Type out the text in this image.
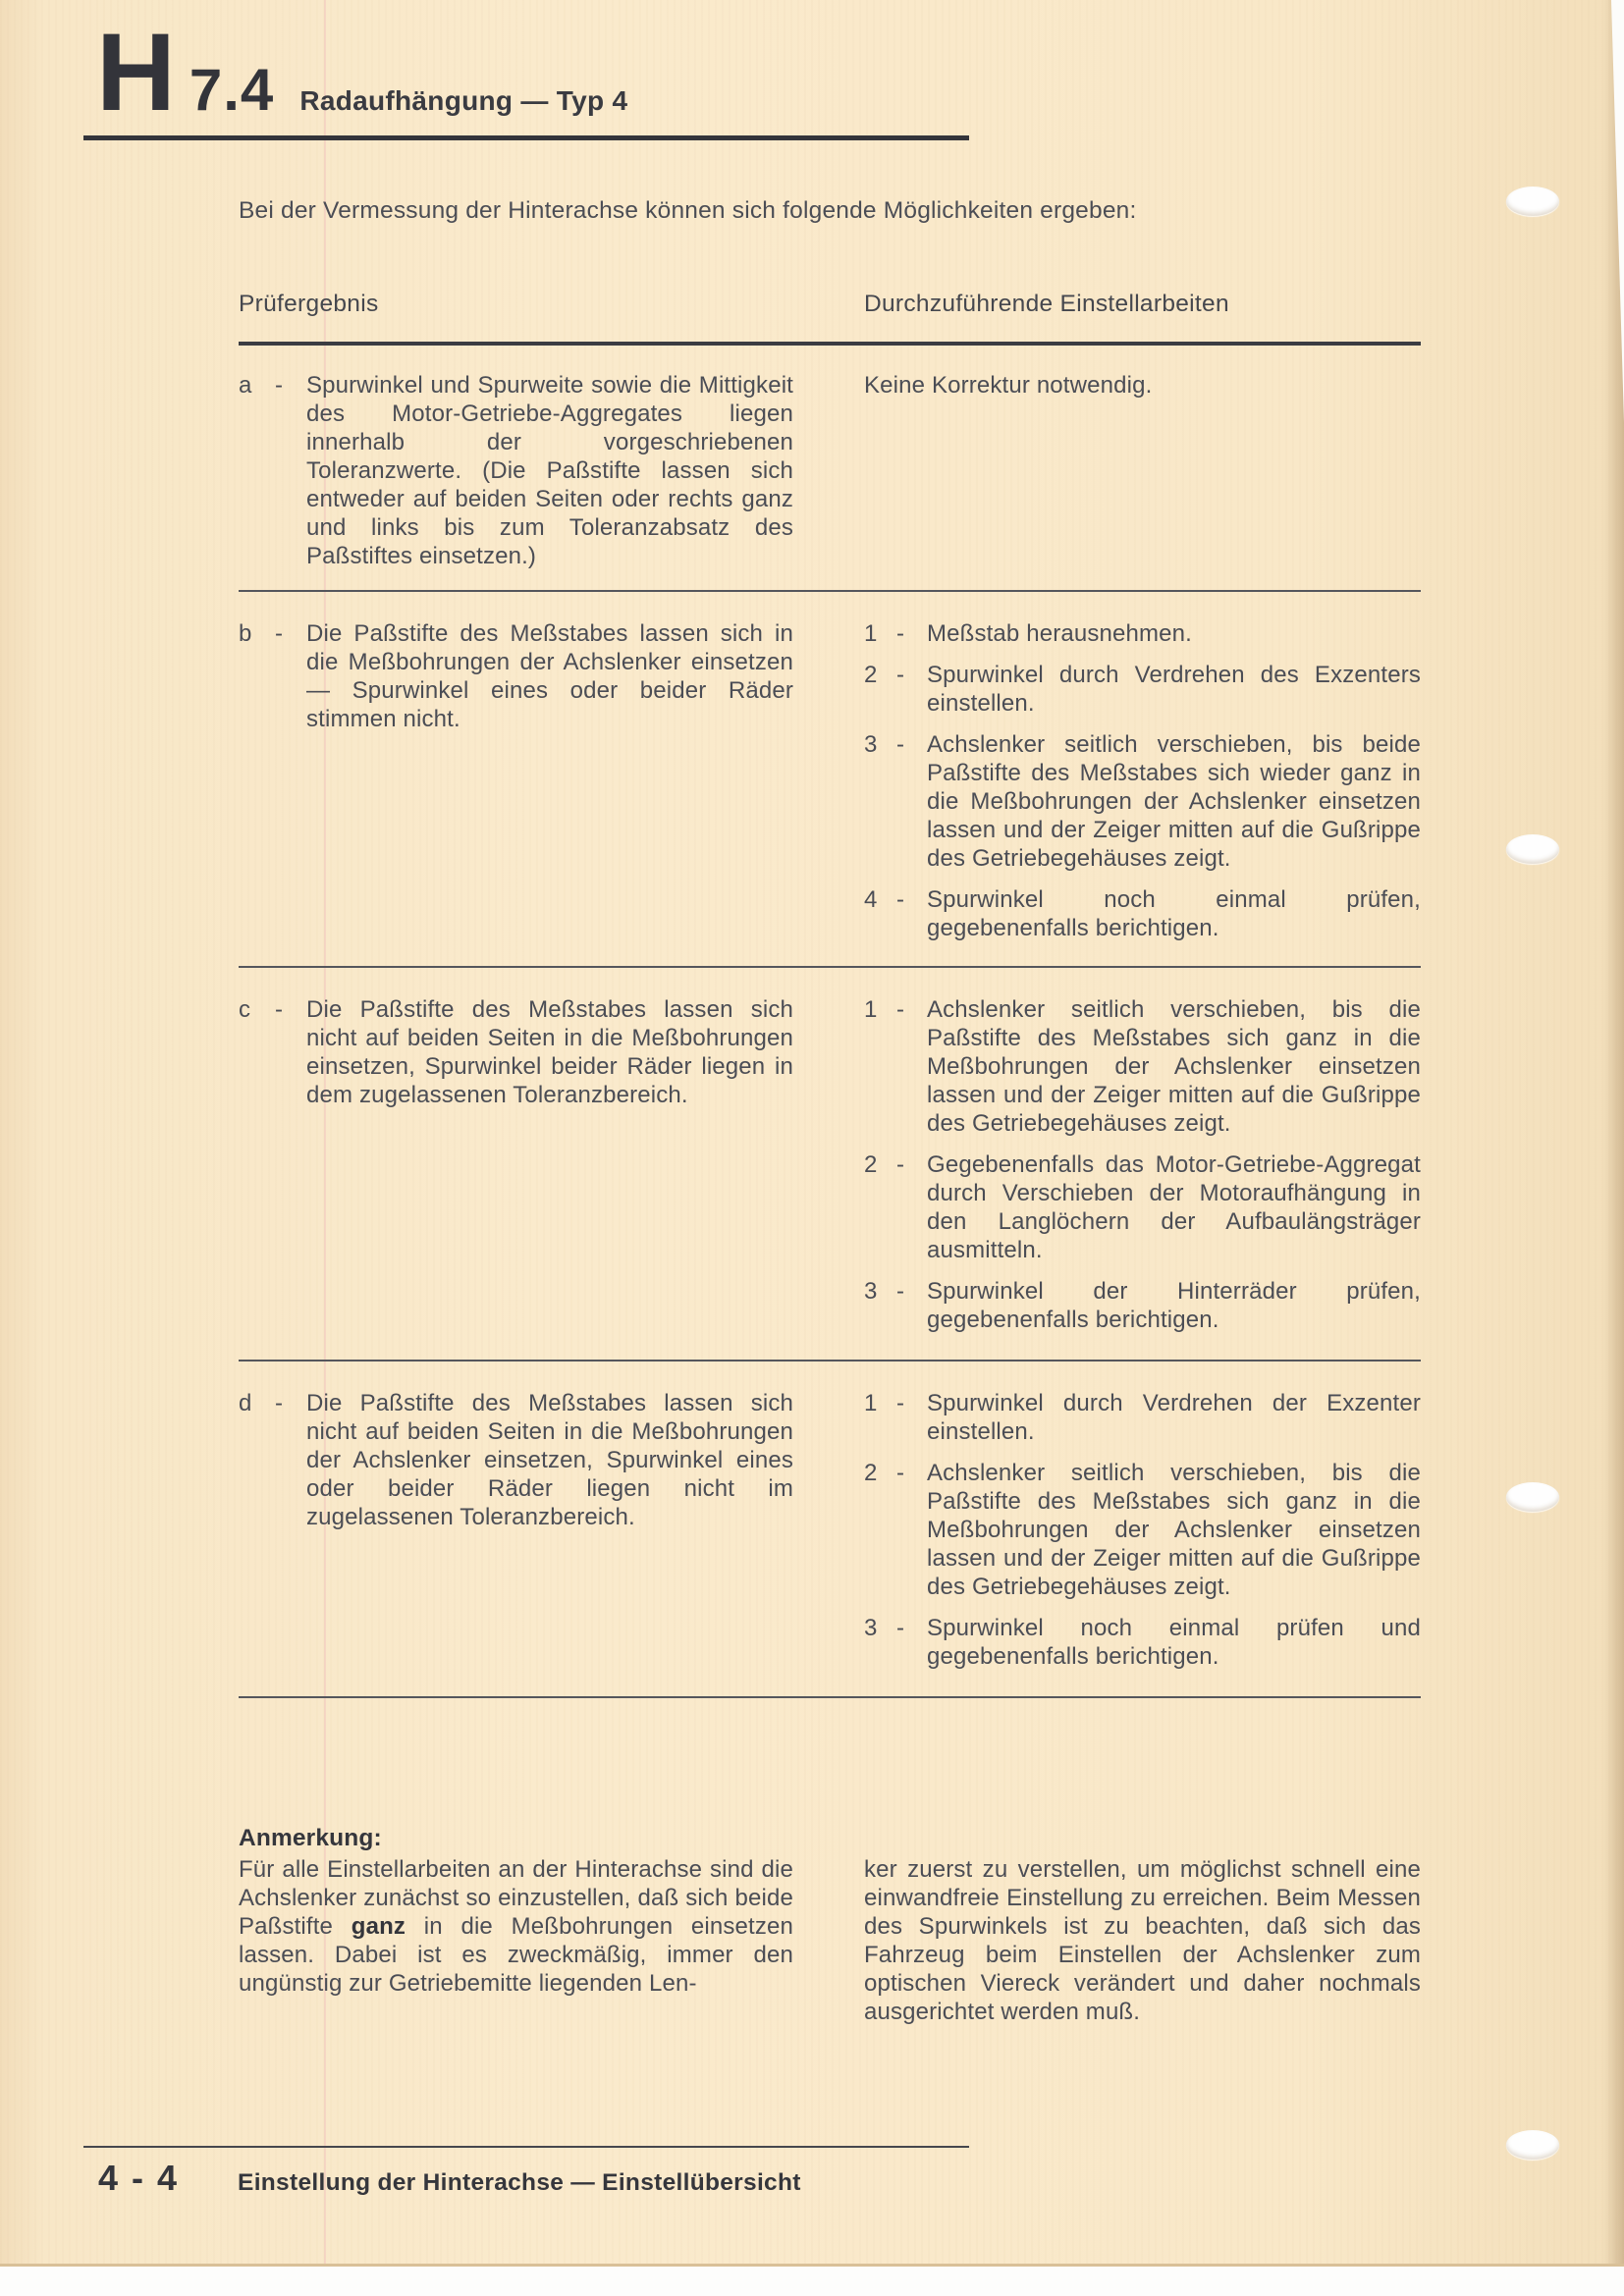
H 7.4 Radaufhängung — Typ 4

Bei der Vermessung der Hinterachse können sich folgende Möglichkeiten ergeben:

Prüfergebnis	Durchzuführende Einstellarbeiten
a - Spurwinkel und Spurweite sowie die Mittigkeit des Motor-Getriebe-Aggregates liegen innerhalb der vorgeschriebenen Toleranzwerte. (Die Paßstifte lassen sich entweder auf beiden Seiten oder rechts ganz und links bis zum Toleranzabsatz des Paßstiftes einsetzen.)
Keine Korrektur notwendig.
b - Die Paßstifte des Meßstabes lassen sich in die Meßbohrungen der Achslenker einsetzen — Spurwinkel eines oder beider Räder stimmen nicht.
1 - Meßstab herausnehmen.
2 - Spurwinkel durch Verdrehen des Exzenters einstellen.
3 - Achslenker seitlich verschieben, bis beide Paßstifte des Meßstabes sich wieder ganz in die Meßbohrungen der Achslenker einsetzen lassen und der Zeiger mitten auf die Gußrippe des Getriebegehäuses zeigt.
4 - Spurwinkel noch einmal prüfen, gegebenenfalls berichtigen.
c	- Die Paßstifte des Meßstabes lassen sich nicht auf beiden Seiten in die Meßbohrungen einsetzen, Spurwinkel beider Räder liegen in dem zugelassenen Toleranzbereich.
1 - Achslenker seitlich verschieben, bis die Paßstifte des Meßstabes sich ganz in die Meßbohrungen der Achslenker einsetzen lassen und der Zeiger mitten auf die Gußrippe des Getriebegehäuses zeigt.
2 - Gegebenenfalls das Motor-Getriebe-Aggregat durch Verschieben der Motoraufhängung in den Langlöchern der Aufbaulängsträger ausmitteln.
3 - Spurwinkel der Hinterräder prüfen, gegebenenfalls berichtigen.
d - Die Paßstifte des Meßstabes lassen sich nicht auf beiden Seiten in die Meßbohrungen der Achslenker einsetzen, Spurwinkel eines oder beider Räder liegen nicht im zugelassenen Toleranzbereich.
1 - Spurwinkel durch Verdrehen der Exzenter einstellen.
2 - Achslenker seitlich verschieben, bis die Paßstifte des Meßstabes sich ganz in die Meßbohrungen der Achslenker einsetzen lassen und der Zeiger mitten auf die Gußrippe des Getriebegehäuses zeigt.
3 - Spurwinkel noch einmal prüfen und gegebenenfalls berichtigen.
Anmerkung:

Für alle Einstellarbeiten an der Hinterachse sind die Achslenker zunächst so einzustellen, daß sich beide Paßstifte ganz in die Meßbohrungen einsetzen lassen. Dabei ist es zweckmäßig, immer den ungünstig zur Getriebemitte liegenden Len-

ker zuerst zu verstellen, um möglichst schnell eine einwandfreie Einstellung zu erreichen. Beim Messen des Spurwinkels ist zu beachten, daß sich das Fahrzeug beim Einstellen der Achslenker zum optischen Viereck verändert und daher nochmals ausgerichtet werden muß.

4 - 4 Einstellung der Hinterachse — Einstellübersicht
